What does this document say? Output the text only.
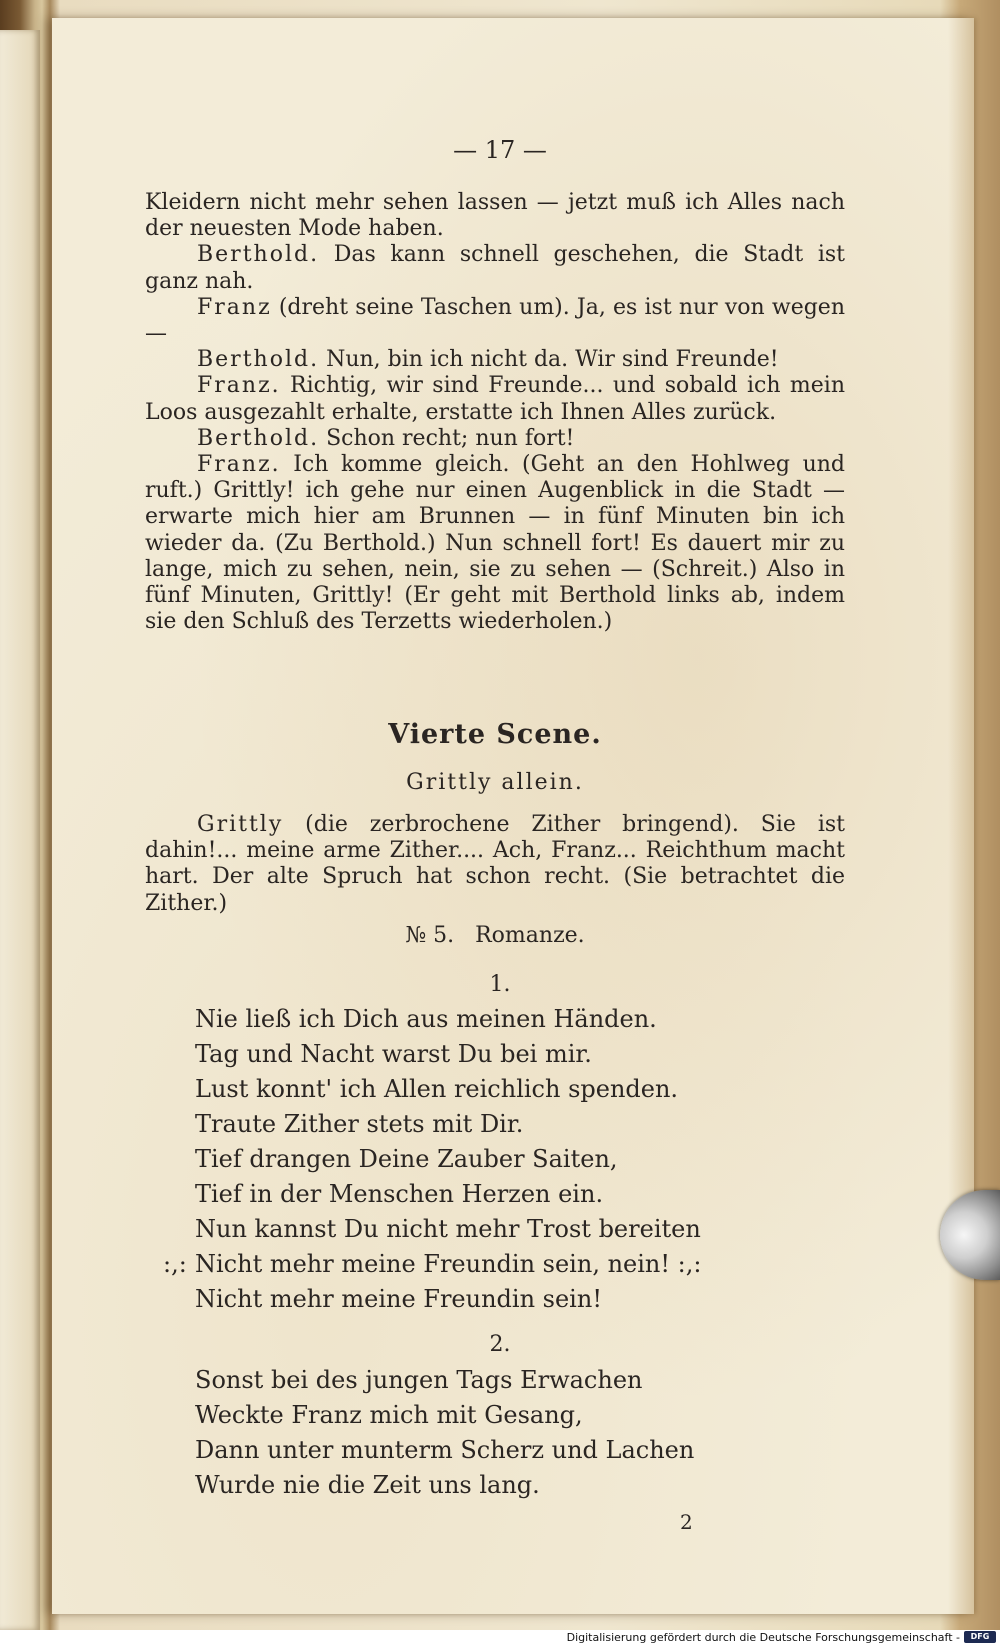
— 17 —

Kleidern nicht mehr sehen lassen — jetzt muß ich Alles nach der neuesten Mode haben.

Berthold. Das kann schnell geschehen, die Stadt ist ganz nah.

Franz (dreht seine Taschen um). Ja, es ist nur von wegen —

Berthold. Nun, bin ich nicht da. Wir sind Freunde!

Franz. Richtig, wir sind Freunde... und sobald ich mein Loos ausgezahlt erhalte, erstatte ich Ihnen Alles zurück.

Berthold. Schon recht; nun fort!

Franz. Ich komme gleich. (Geht an den Hohlweg und ruft.) Grittly! ich gehe nur einen Augenblick in die Stadt — erwarte mich hier am Brunnen — in fünf Minuten bin ich wieder da. (Zu Berthold.) Nun schnell fort! Es dauert mir zu lange, mich zu sehen, nein, sie zu sehen — (Schreit.) Also in fünf Minuten, Grittly! (Er geht mit Berthold links ab, indem sie den Schluß des Terzetts wiederholen.)

Vierte Scene.

Grittly allein.

Grittly (die zerbrochene Zither bringend). Sie ist dahin!... meine arme Zither.... Ach, Franz... Reichthum macht hart. Der alte Spruch hat schon recht. (Sie betrachtet die Zither.)

№ 5. Romanze.

1.
Nie ließ ich Dich aus meinen Händen.
Tag und Nacht warst Du bei mir.
Lust konnt' ich Allen reichlich spenden.
Traute Zither stets mit Dir.
Tief drangen Deine Zauber Saiten,
Tief in der Menschen Herzen ein.
Nun kannst Du nicht mehr Trost bereiten
:,: Nicht mehr meine Freundin sein, nein! :,:
Nicht mehr meine Freundin sein!
2.
Sonst bei des jungen Tags Erwachen
Weckte Franz mich mit Gesang,
Dann unter munterm Scherz und Lachen
Wurde nie die Zeit uns lang.
2
Digitalisierung gefördert durch die Deutsche Forschungsgemeinschaft -	DFG
